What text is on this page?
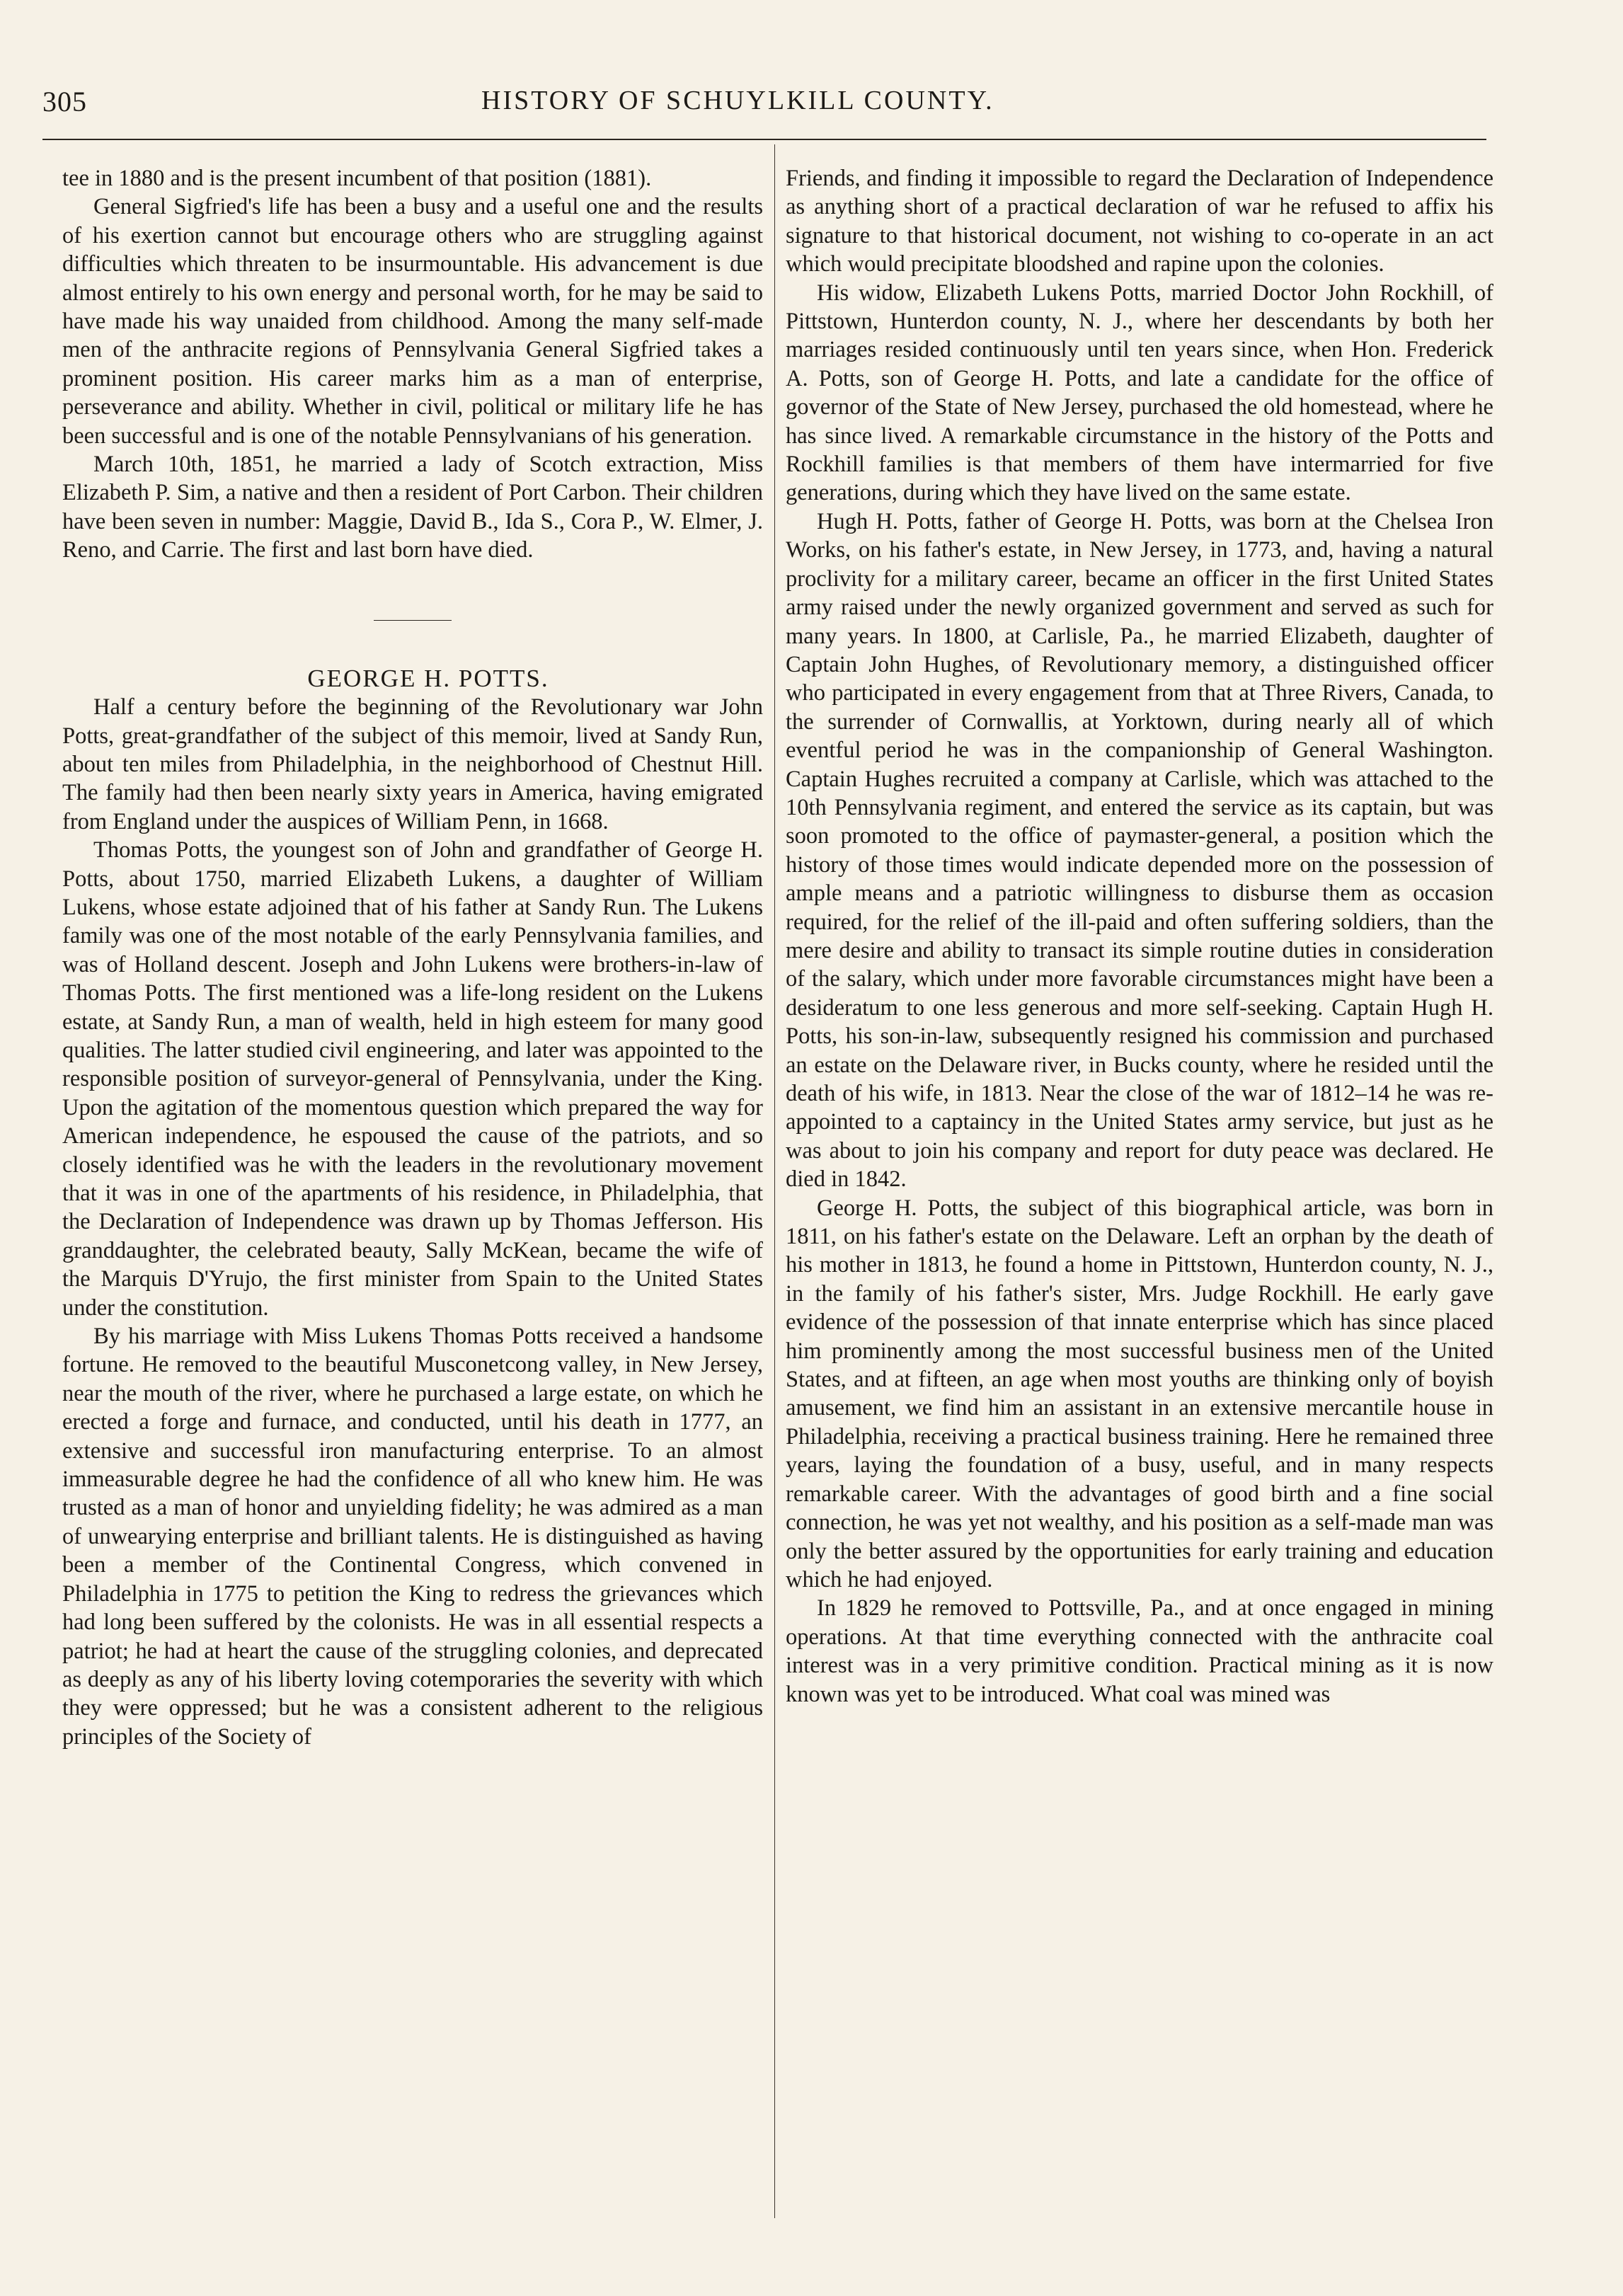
305	HISTORY OF SCHUYLKILL COUNTY.

tee in 1880 and is the present incumbent of that position (1881).

General Sigfried's life has been a busy and a useful one and the results of his exertion cannot but encourage others who are struggling against difficulties which threaten to be insurmountable. His advancement is due almost entirely to his own energy and personal worth, for he may be said to have made his way unaided from childhood. Among the many self-made men of the anthracite regions of Pennsylvania General Sigfried takes a prominent position. His career marks him as a man of enterprise, perseverance and ability. Whether in civil, political or military life he has been successful and is one of the notable Pennsylvanians of his generation.

March 10th, 1851, he married a lady of Scotch extraction, Miss Elizabeth P. Sim, a native and then a resident of Port Carbon. Their children have been seven in number: Maggie, David B., Ida S., Cora P., W. Elmer, J. Reno, and Carrie. The first and last born have died.

GEORGE H. POTTS.

Half a century before the beginning of the Revolutionary war John Potts, great-grandfather of the subject of this memoir, lived at Sandy Run, about ten miles from Philadelphia, in the neighborhood of Chestnut Hill. The family had then been nearly sixty years in America, having emigrated from England under the auspices of William Penn, in 1668.

Thomas Potts, the youngest son of John and grandfather of George H. Potts, about 1750, married Elizabeth Lukens, a daughter of William Lukens, whose estate adjoined that of his father at Sandy Run. The Lukens family was one of the most notable of the early Pennsylvania families, and was of Holland descent. Joseph and John Lukens were brothers-in-law of Thomas Potts. The first mentioned was a life-long resident on the Lukens estate, at Sandy Run, a man of wealth, held in high esteem for many good qualities. The latter studied civil engineering, and later was appointed to the responsible position of surveyor-general of Pennsylvania, under the King. Upon the agitation of the momentous question which prepared the way for American independence, he espoused the cause of the patriots, and so closely identified was he with the leaders in the revolutionary movement that it was in one of the apartments of his residence, in Philadelphia, that the Declaration of Independence was drawn up by Thomas Jefferson. His granddaughter, the celebrated beauty, Sally McKean, became the wife of the Marquis D'Yrujo, the first minister from Spain to the United States under the constitution.

By his marriage with Miss Lukens Thomas Potts received a handsome fortune. He removed to the beautiful Musconetcong valley, in New Jersey, near the mouth of the river, where he purchased a large estate, on which he erected a forge and furnace, and conducted, until his death in 1777, an extensive and successful iron manufacturing enterprise. To an almost immeasurable degree he had the confidence of all who knew him. He was trusted as a man of honor and unyielding fidelity; he was admired as a man of unwearying enterprise and brilliant talents. He is distinguished as having been a member of the Continental Congress, which convened in Philadelphia in 1775 to petition the King to redress the grievances which had long been suffered by the colonists. He was in all essential respects a patriot; he had at heart the cause of the struggling colonies, and deprecated as deeply as any of his liberty loving cotemporaries the severity with which they were oppressed; but he was a consistent adherent to the religious principles of the Society of

Friends, and finding it impossible to regard the Declaration of Independence as anything short of a practical declaration of war he refused to affix his signature to that historical document, not wishing to co-operate in an act which would precipitate bloodshed and rapine upon the colonies.

His widow, Elizabeth Lukens Potts, married Doctor John Rockhill, of Pittstown, Hunterdon county, N. J., where her descendants by both her marriages resided continuously until ten years since, when Hon. Frederick A. Potts, son of George H. Potts, and late a candidate for the office of governor of the State of New Jersey, purchased the old homestead, where he has since lived. A remarkable circumstance in the history of the Potts and Rockhill families is that members of them have intermarried for five generations, during which they have lived on the same estate.

Hugh H. Potts, father of George H. Potts, was born at the Chelsea Iron Works, on his father's estate, in New Jersey, in 1773, and, having a natural proclivity for a military career, became an officer in the first United States army raised under the newly organized government and served as such for many years. In 1800, at Carlisle, Pa., he married Elizabeth, daughter of Captain John Hughes, of Revolutionary memory, a distinguished officer who participated in every engagement from that at Three Rivers, Canada, to the surrender of Cornwallis, at Yorktown, during nearly all of which eventful period he was in the companionship of General Washington. Captain Hughes recruited a company at Carlisle, which was attached to the 10th Pennsylvania regiment, and entered the service as its captain, but was soon promoted to the office of paymaster-general, a position which the history of those times would indicate depended more on the possession of ample means and a patriotic willingness to disburse them as occasion required, for the relief of the ill-paid and often suffering soldiers, than the mere desire and ability to transact its simple routine duties in consideration of the salary, which under more favorable circumstances might have been a desideratum to one less generous and more self-seeking. Captain Hugh H. Potts, his son-in-law, subsequently resigned his commission and purchased an estate on the Delaware river, in Bucks county, where he resided until the death of his wife, in 1813. Near the close of the war of 1812–14 he was re-appointed to a captaincy in the United States army service, but just as he was about to join his company and report for duty peace was declared. He died in 1842.

George H. Potts, the subject of this biographical article, was born in 1811, on his father's estate on the Delaware. Left an orphan by the death of his mother in 1813, he found a home in Pittstown, Hunterdon county, N. J., in the family of his father's sister, Mrs. Judge Rockhill. He early gave evidence of the possession of that innate enterprise which has since placed him prominently among the most successful business men of the United States, and at fifteen, an age when most youths are thinking only of boyish amusement, we find him an assistant in an extensive mercantile house in Philadelphia, receiving a practical business training. Here he remained three years, laying the foundation of a busy, useful, and in many respects remarkable career. With the advantages of good birth and a fine social connection, he was yet not wealthy, and his position as a self-made man was only the better assured by the opportunities for early training and education which he had enjoyed.

In 1829 he removed to Pottsville, Pa., and at once engaged in mining operations. At that time everything connected with the anthracite coal interest was in a very primitive condition. Practical mining as it is now known was yet to be introduced. What coal was mined was
